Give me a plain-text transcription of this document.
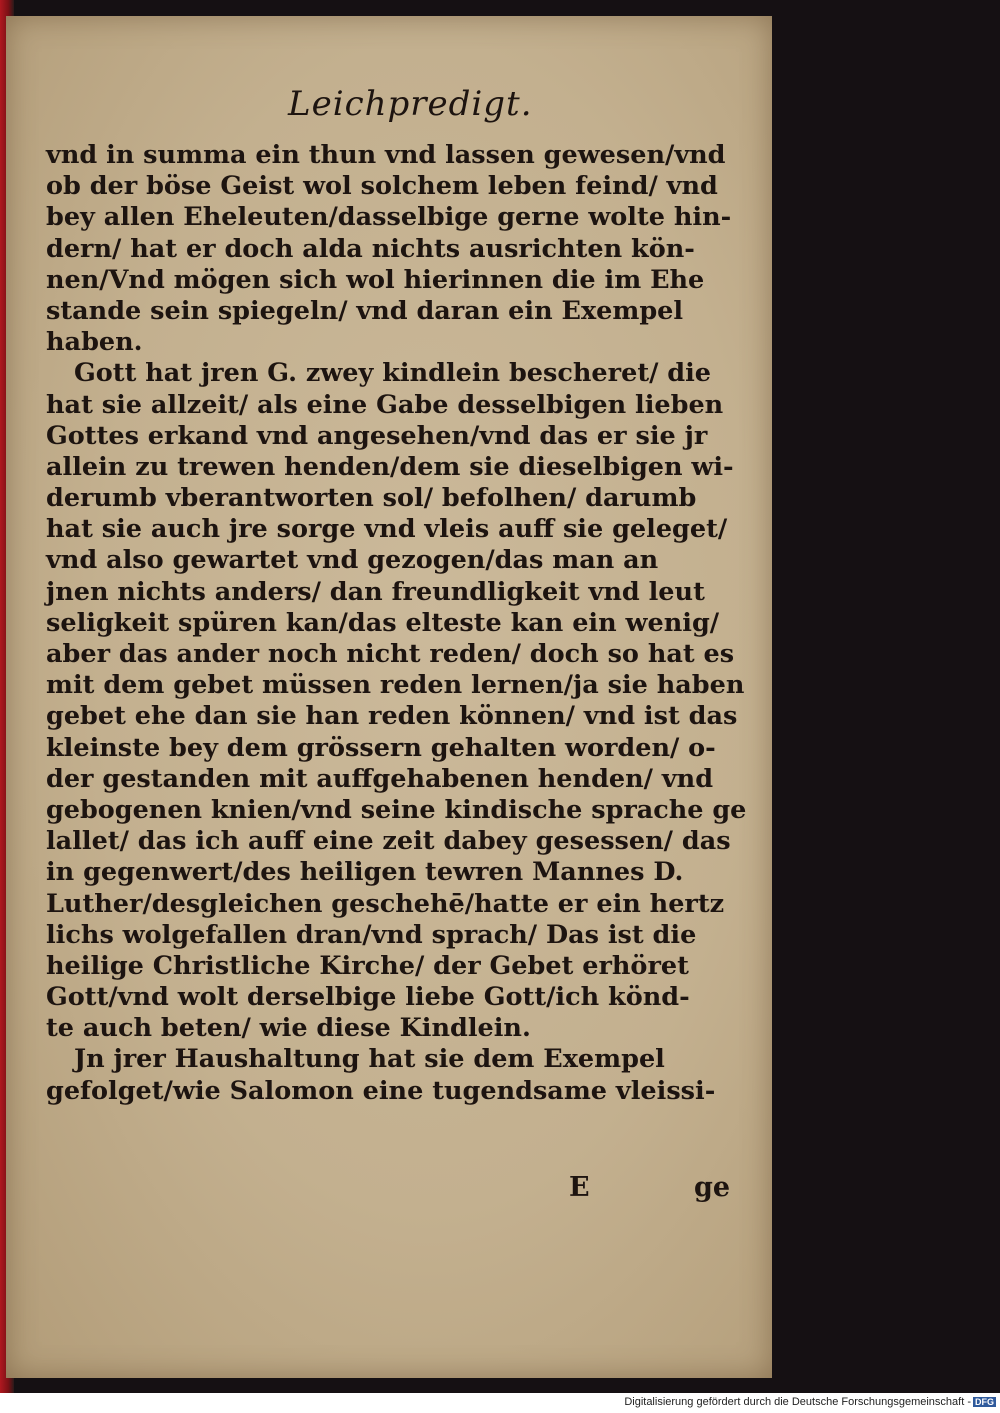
Leichpredigt.
vnd in summa ein thun vnd lassen gewesen/vnd
ob der böse Geist wol solchem leben feind/ vnd
bey allen Eheleuten/dasselbige gerne wolte hin-
dern/ hat er doch alda nichts ausrichten kön-
nen/Vnd mögen sich wol hierinnen die im Ehe
stande sein spiegeln/ vnd daran ein Exempel
haben.
Gott hat jren G. zwey kindlein bescheret/ die
hat sie allzeit/ als eine Gabe desselbigen lieben
Gottes erkand vnd angesehen/vnd das er sie jr
allein zu trewen henden/dem sie dieselbigen wi-
derumb vberantworten sol/ befolhen/ darumb
hat sie auch jre sorge vnd vleis auff sie geleget/
vnd also gewartet vnd gezogen/das man an
jnen nichts anders/ dan freundligkeit vnd leut
seligkeit spüren kan/das elteste kan ein wenig/
aber das ander noch nicht reden/ doch so hat es
mit dem gebet müssen reden lernen/ja sie haben
gebet ehe dan sie han reden können/ vnd ist das
kleinste bey dem grössern gehalten worden/ o-
der gestanden mit auffgehabenen henden/ vnd
gebogenen knien/vnd seine kindische sprache ge
lallet/ das ich auff eine zeit dabey gesessen/ das
in gegenwert/des heiligen tewren Mannes D.
Luther/desgleichen geschehē/hatte er ein hertz
lichs wolgefallen dran/vnd sprach/ Das ist die
heilige Christliche Kirche/ der Gebet erhöret
Gott/vnd wolt derselbige liebe Gott/ich könd-
te auch beten/ wie diese Kindlein.
Jn jrer Haushaltung hat sie dem Exempel
gefolget/wie Salomon eine tugendsame vleissi-
E	ge
Digitalisierung gefördert durch die Deutsche Forschungsgemeinschaft - DFG
